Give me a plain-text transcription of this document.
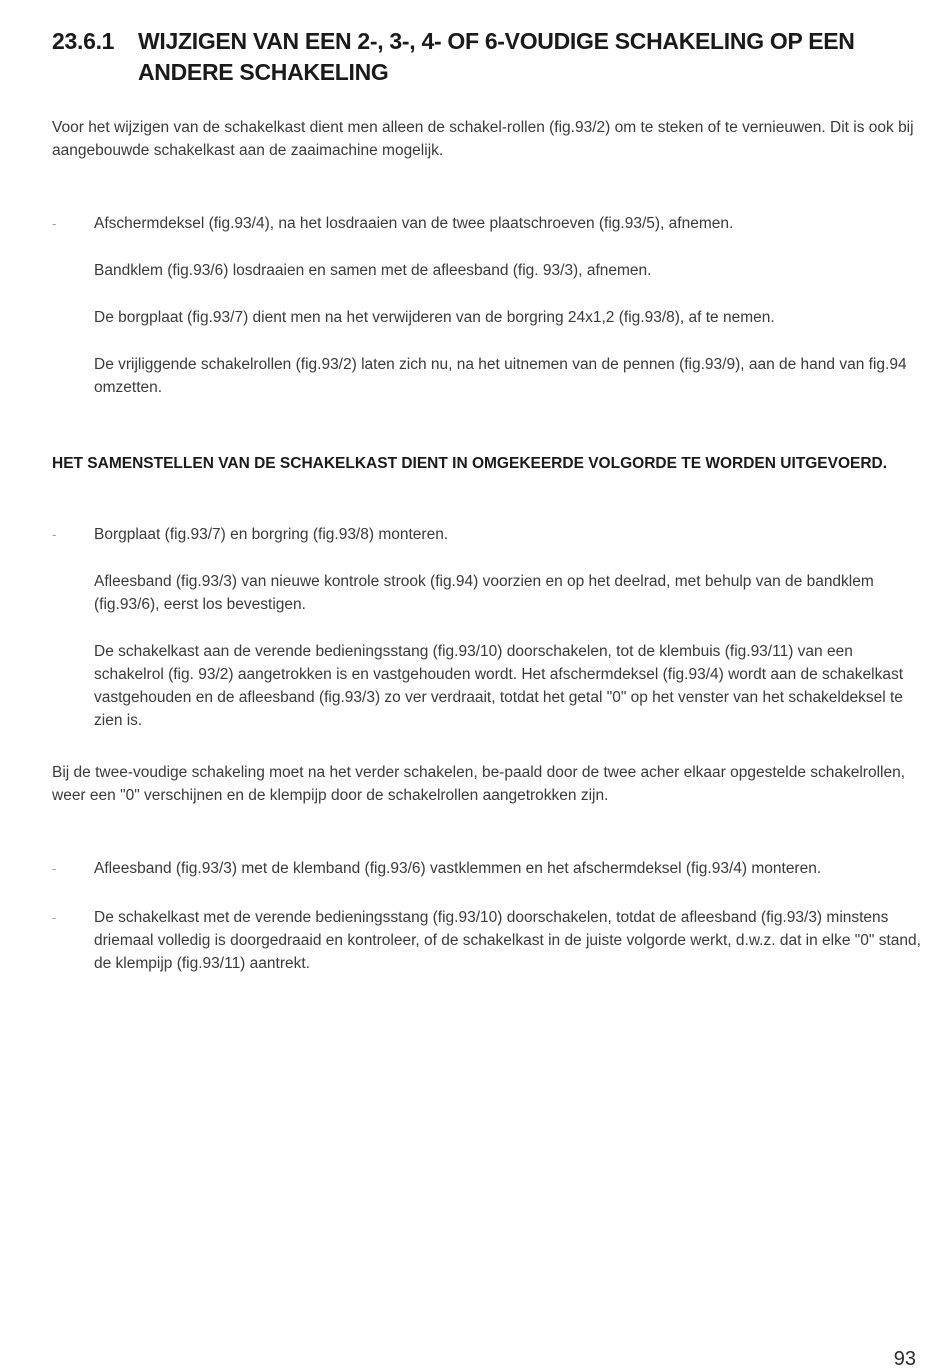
23.6.1 WIJZIGEN VAN EEN 2-, 3-, 4- OF 6-VOUDIGE SCHAKELING OP EEN
ANDERE SCHAKELING
Voor het wijzigen van de schakelkast dient men alleen de schakel-rollen (fig.93/2) om te steken of te vernieuwen. Dit is ook bij aangebouwde schakelkast aan de zaaimachine mogelijk.
- Afschermdeksel (fig.93/4), na het losdraaien van de twee plaatschroeven (fig.93/5), afnemen.
Bandklem (fig.93/6) losdraaien en samen met de afleesband (fig. 93/3), afnemen.
De borgplaat (fig.93/7) dient men na het verwijderen van de borgring 24x1,2 (fig.93/8), af te nemen.
De vrijliggende schakelrollen (fig.93/2) laten zich nu, na het uitnemen van de pennen (fig.93/9), aan de hand van fig.94 omzetten.
HET SAMENSTELLEN VAN DE SCHAKELKAST DIENT IN OMGEKEERDE VOLGORDE TE WORDEN UITGEVOERD.
- Borgplaat (fig.93/7) en borgring (fig.93/8) monteren.
Afleesband (fig.93/3) van nieuwe kontrole strook (fig.94) voorzien en op het deelrad, met behulp van de bandklem (fig.93/6), eerst los bevestigen.
De schakelkast aan de verende bedieningsstang (fig.93/10) doorschakelen, tot de klembuis (fig.93/11) van een schakelrol (fig. 93/2) aangetrokken is en vastgehouden wordt. Het afschermdeksel (fig.93/4) wordt aan de schakelkast vastgehouden en de afleesband (fig.93/3) zo ver verdraait, totdat het getal "0" op het venster van het schakeldeksel te zien is.
Bij de twee-voudige schakeling moet na het verder schakelen, be-paald door de twee acher elkaar opgestelde schakelrollen, weer een "0" verschijnen en de klempijp door de schakelrollen aangetrokken zijn.
- Afleesband (fig.93/3) met de klemband (fig.93/6) vastklemmen en het afschermdeksel (fig.93/4) monteren.
- De schakelkast met de verende bedieningsstang (fig.93/10) doorschakelen, totdat de afleesband (fig.93/3) minstens driemaal volledig is doorgedraaid en kontroleer, of de schakelkast in de juiste volgorde werkt, d.w.z. dat in elke "0" stand, de klempijp (fig.93/11) aantrekt.
93
